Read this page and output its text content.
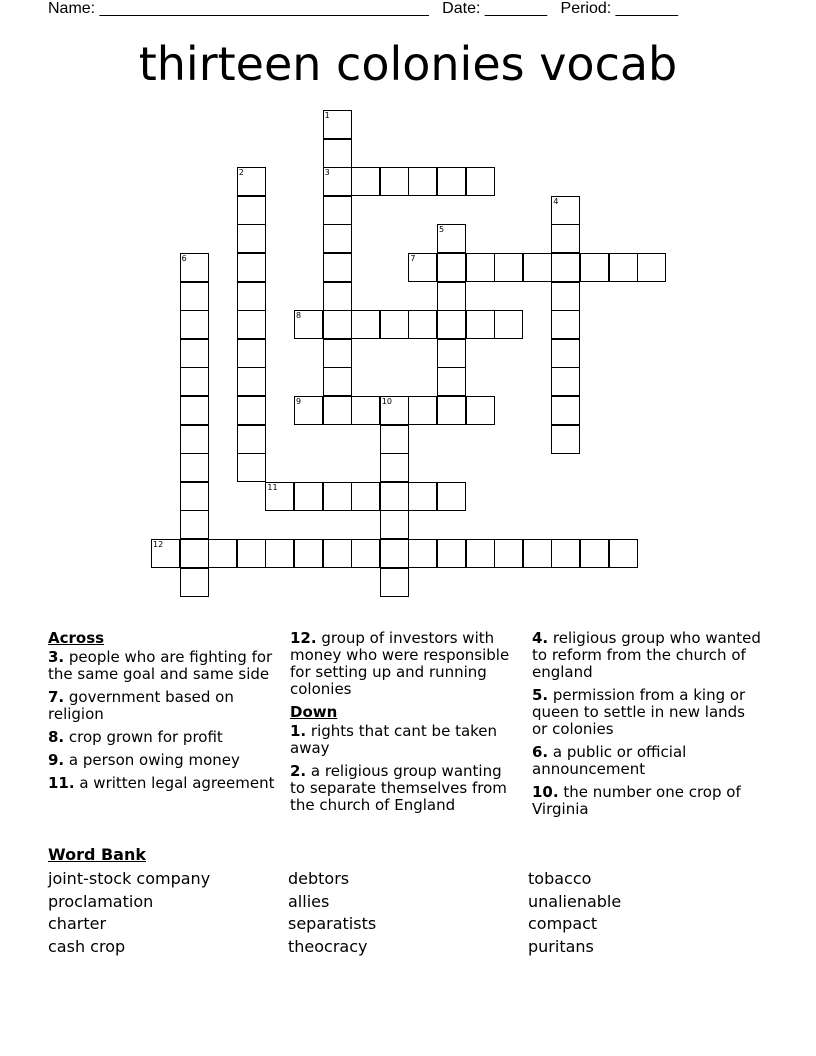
Name: _____________________________________ Date: _______ Period: _______
thirteen colonies vocab
1
3
2
4
5
6	7
8
9	10
11
12
Across
3. people who are fighting for the same goal and same side
7. government based on religion
8. crop grown for profit
9. a person owing money
11. a written legal agreement
12. group of investors with money who were responsible for setting up and running colonies
Down
1. rights that cant be taken away
2. a religious group wanting to separate themselves from the church of England
4. religious group who wanted to reform from the church of england
5. permission from a king or queen to settle in new lands or colonies
6. a public or official announcement
10. the number one crop of Virginia
Word Bank
joint-stock company
proclamation
charter
cash crop
debtors
allies
separatists
theocracy
tobacco
unalienable
compact
puritans
